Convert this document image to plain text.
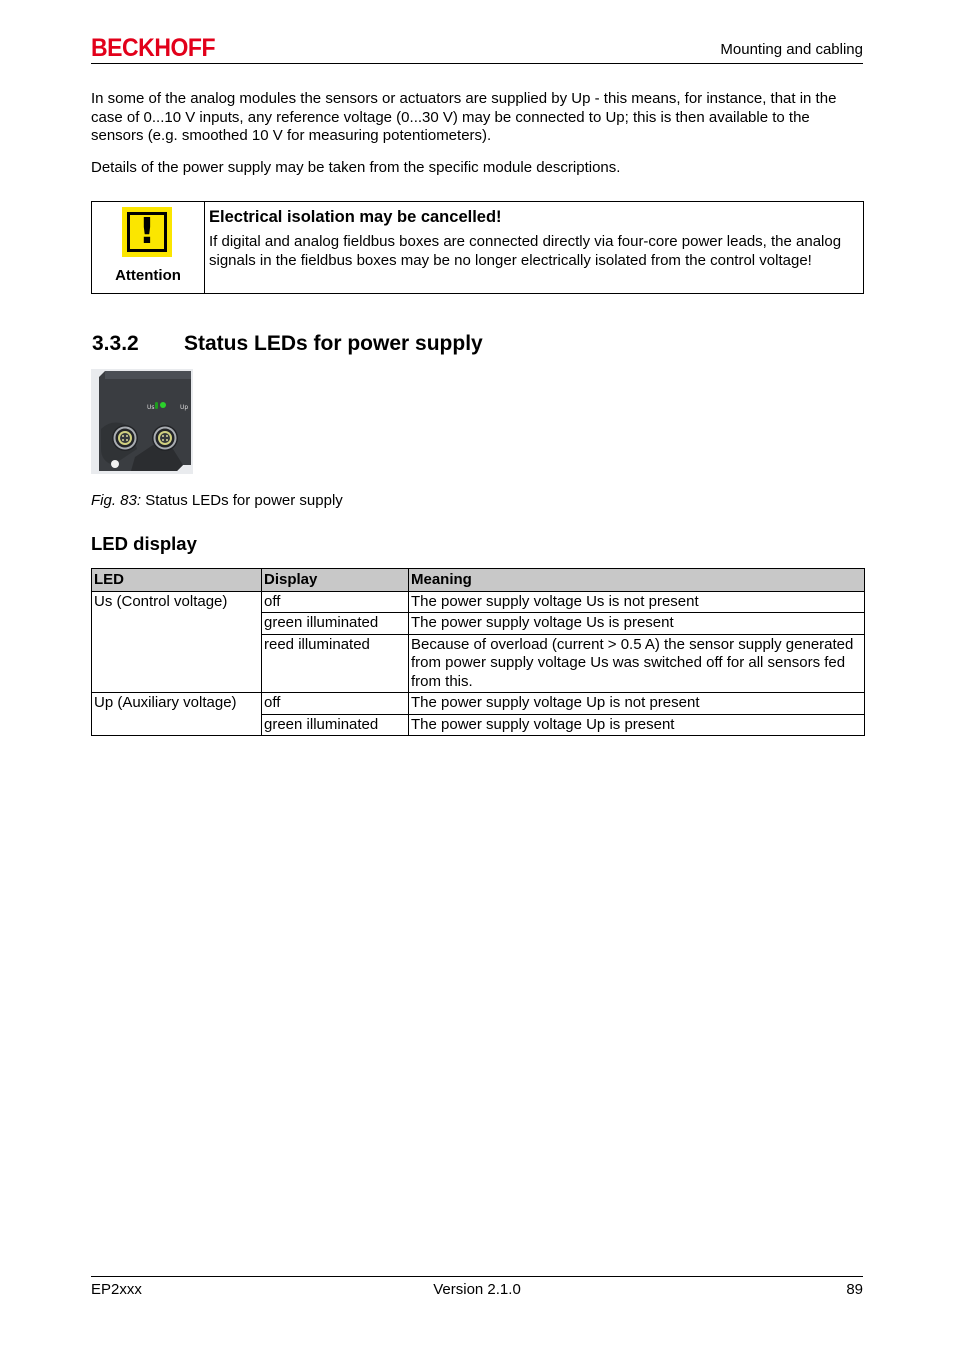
BECKHOFF	Mounting and cabling

In some of the analog modules the sensors or actuators are supplied by Up - this means, for instance, that in the case of 0...10 V inputs, any reference voltage (0...30 V) may be connected to Up; this is then available to the sensors (e.g. smoothed 10 V for measuring potentiometers).

Details of the power supply may be taken from the specific module descriptions.

!
Attention
Electrical isolation may be cancelled!
If digital and analog fieldbus boxes are connected directly via four-core power leads, the analog signals in the fieldbus boxes may be no longer electrically isolated from the control voltage!
3.3.2 Status LEDs for power supply
Us	Up
Fig. 83: Status LEDs for power supply
LED display
LED	Display	Meaning
Us (Control voltage)	off	The power supply voltage Us is not present
	green illuminated	The power supply voltage Us is present
	reed illuminated	Because of overload (current > 0.5 A) the sensor supply generated from power supply voltage Us was switched off for all sensors fed from this.
Up (Auxiliary voltage)	off	The power supply voltage Up is not present
	green illuminated	The power supply voltage Up is present
EP2xxx	Version 2.1.0	89
